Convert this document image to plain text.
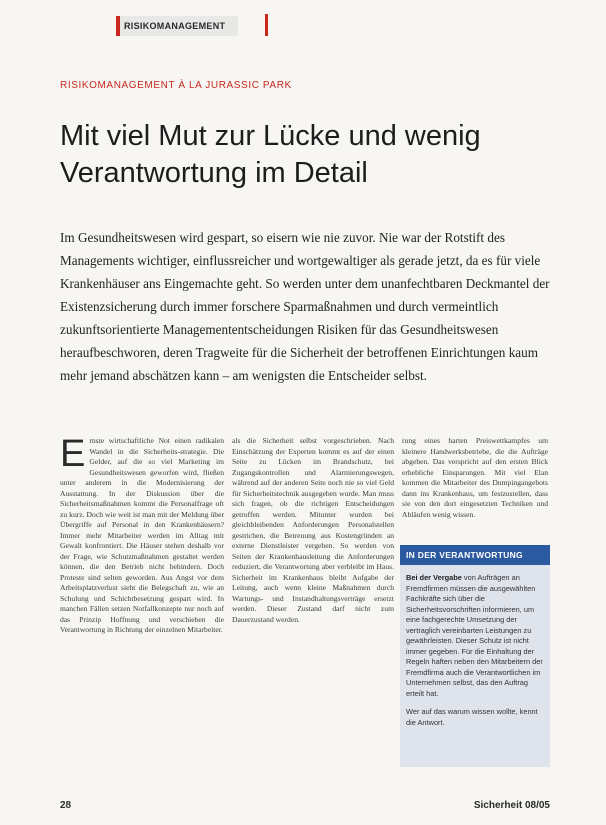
RISIKOMANAGEMENT
RISIKOMANAGEMENT À LA JURASSIC PARK
Mit viel Mut zur Lücke und wenig Verantwortung im Detail
Im Gesundheitswesen wird gespart, so eisern wie nie zuvor. Nie war der Rotstift des Managements wichtiger, einflussreicher und wortgewaltiger als gerade jetzt, da es für viele Krankenhäuser ans Eingemachte geht. So werden unter dem unanfechtbaren Deckmantel der Existenzsicherung durch immer forschere Sparmaßnahmen und durch vermeintlich zukunftsorientierte Managemententscheidungen Risiken für das Gesundheitswesen heraufbeschworen, deren Tragweite für die Sicherheit der betroffenen Einrichtungen kaum mehr jemand abschätzen kann – am wenigsten die Entscheider selbst.
E rnste wirtschaftliche Not einen radikalen Wandel in die Sicherheits-strategie. Die Gelder, auf die so viel Marketing im Gesundheitswesen geworfen wird, fließen unter anderem in die Modernisierung der Ausstattung. In der Diskussion über die Sicherheitsmaßnahmen kommt die Personalfrage oft zu kurz. Doch wie weit ist man mit der Meldung über Übergriffe auf Personal in den Krankenhäusern? Immer mehr Mitarbeiter werden im Alltag mit Gewalt konfrontiert. Die Häuser stehen deshalb vor der Frage, wie Schutzmaßnahmen gestaltet werden können, die den Betrieb nicht behindern. Doch Proteste sind selten geworden. Aus Angst vor dem Arbeitsplatzverlust sieht die Belegschaft zu, wie an Schulung und Schichtbesetzung gespart wird. In manchen Fällen setzen Notfallkonzepte nur noch auf das Prinzip Hoffnung und verschieben die Verantwortung in Richtung der einzelnen Mitarbeiter.
als die Sicherheit selbst vorgeschrieben. Nach Einschätzung der Experten kommt es auf der einen Seite zu Lücken im Brandschutz, bei Zugangskontrollen und Alarmierungswegen, während auf der anderen Seite noch nie so viel Geld für Sicherheitstechnik ausgegeben wurde. Man muss sich fragen, ob die richtigen Entscheidungen getroffen werden. Mitunter wurden bei gleichbleibenden Anforderungen Personalstellen gestrichen, die Betreuung aus Kostengründen an externe Dienstleister vergeben. So werden von Seiten der Krankenhausleitung die Anforderungen reduziert, die Verantwortung aber verbleibt im Haus. Sicherheit im Krankenhaus bleibt Aufgabe der Leitung, auch wenn kleine Maßnahmen durch Wartungs- und Instandhaltungsverträge ersetzt werden. Dieser Zustand darf nicht zum Dauerzustand werden.
rung eines harten Preiswettkampfes um kleinere Handwerksbetriebe, die die Aufträge abgeben. Das verspricht auf den ersten Blick erhebliche Einsparungen. Mit viel Elan kommen die Mitarbeiter des Dumpingangebots dann ins Krankenhaus, um festzustellen, dass sie von den dort eingesetzten Techniken und Abläufen wenig wissen.
IN DER VERANTWORTUNG
Bei der Vergabe von Aufträgen an Fremdfirmen müssen die ausgewählten Fachkräfte sich über die Sicherheitsvorschriften informieren, um eine fachgerechte Umsetzung der vertraglich vereinbarten Leistungen zu gewährleisten. Dieser Schutz ist nicht immer gegeben. Für die Einhaltung der Regeln haften neben den Mitarbeitern der Fremdfirma auch die Verantwortlichen im Unternehmen selbst, das den Auftrag erteilt hat.
Wer auf das warum wissen wollte, kennt die Antwort.
28	Sicherheit 08/05
